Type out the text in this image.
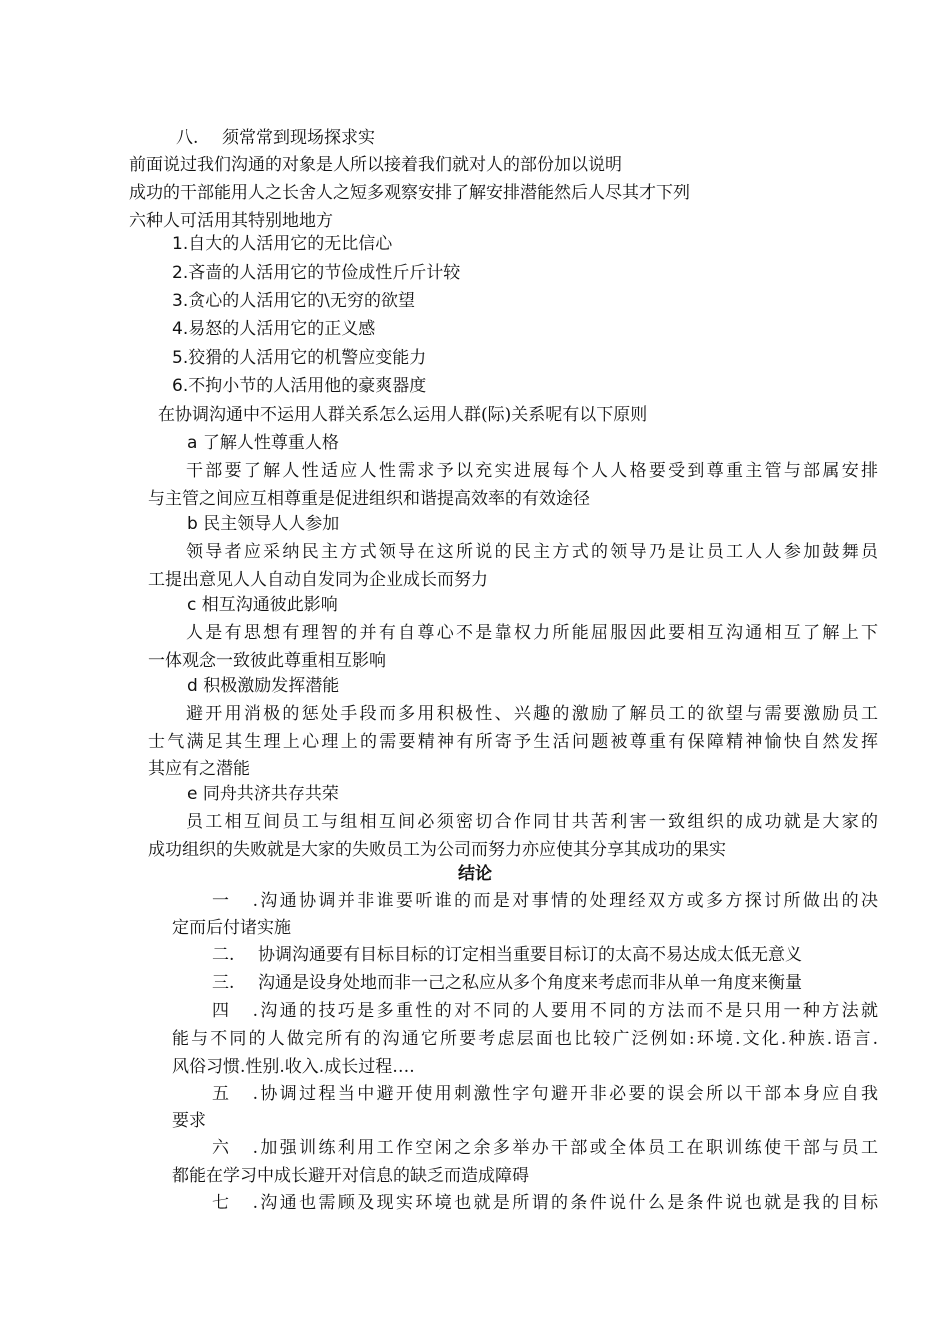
八. 须常常到现场探求实
前面说过我们沟通的对象是人所以接着我们就对人的部份加以说明
成功的干部能用人之长舍人之短多观察安排了解安排潜能然后人尽其才下列
六种人可活用其特别地地方
1.自大的人活用它的无比信心
2.吝啬的人活用它的节俭成性斤斤计较
3.贪心的人活用它的\无穷的欲望
4.易怒的人活用它的正义感
5.狡猾的人活用它的机警应变能力
6.不拘小节的人活用他的豪爽器度
在协调沟通中不运用人群关系怎么运用人群(际)关系呢有以下原则
a 了解人性尊重人格
干部要了解人性适应人性需求予以充实进展每个人人格要受到尊重主管与部属安排
与主管之间应互相尊重是促进组织和谐提高效率的有效途径
b 民主领导人人参加
领导者应采纳民主方式领导在这所说的民主方式的领导乃是让员工人人参加鼓舞员
工提出意见人人自动自发同为企业成长而努力
c 相互沟通彼此影响
人是有思想有理智的并有自尊心不是靠权力所能屈服因此要相互沟通相互了解上下
一体观念一致彼此尊重相互影响
d 积极激励发挥潜能
避开用消极的惩处手段而多用积极性、兴趣的激励了解员工的欲望与需要激励员工
士气满足其生理上心理上的需要精神有所寄予生活问题被尊重有保障精神愉快自然发挥
其应有之潜能
e 同舟共济共存共荣
员工相互间员工与组相互间必须密切合作同甘共苦利害一致组织的成功就是大家的
成功组织的失败就是大家的失败员工为公司而努力亦应使其分享其成功的果实
结论
一.沟通协调并非谁要听谁的而是对事情的处理经双方或多方探讨所做出的决
定而后付诸实施
二. 协调沟通要有目标目标的订定相当重要目标订的太高不易达成太低无意义
三. 沟通是设身处地而非一己之私应从多个角度来考虑而非从单一角度来衡量
四.沟通的技巧是多重性的对不同的人要用不同的方法而不是只用一种方法就
能与不同的人做完所有的沟通它所要考虑层面也比较广泛例如:环境.文化.种族.语言.
风俗习惯.性别.收入.成长过程….
五.协调过程当中避开使用刺激性字句避开非必要的误会所以干部本身应自我
要求
六.加强训练利用工作空闲之余多举办干部或全体员工在职训练使干部与员工
都能在学习中成长避开对信息的缺乏而造成障碍
七.沟通也需顾及现实环境也就是所谓的条件说什么是条件说也就是我的目标
